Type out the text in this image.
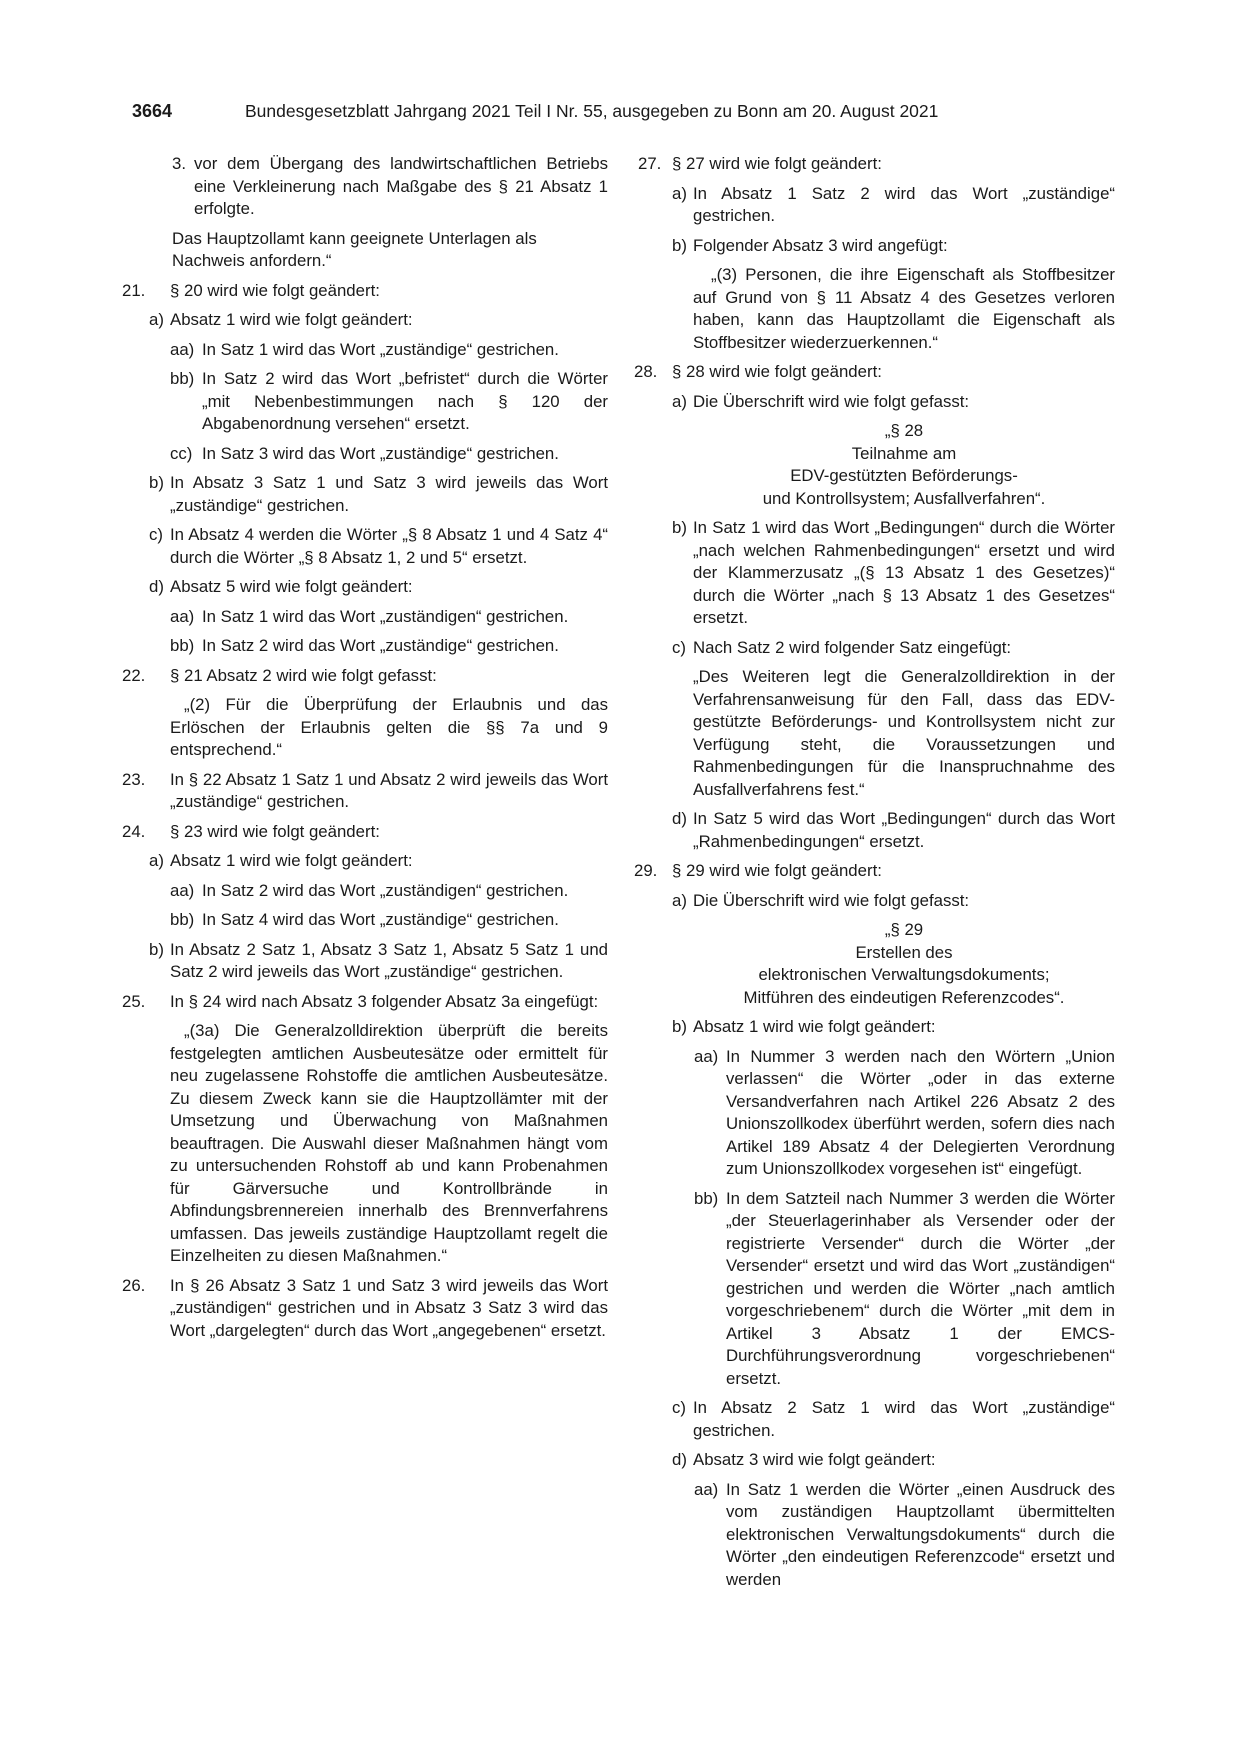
3664	Bundesgesetzblatt Jahrgang 2021 Teil I Nr. 55, ausgegeben zu Bonn am 20. August 2021
3. vor dem Übergang des landwirtschaftlichen Betriebs eine Verkleinerung nach Maßgabe des § 21 Absatz 1 erfolgte.

Das Hauptzollamt kann geeignete Unterlagen als Nachweis anfordern.“

21. § 20 wird wie folgt geändert:
a) Absatz 1 wird wie folgt geändert:
aa) In Satz 1 wird das Wort „zuständige“ gestrichen.
bb) In Satz 2 wird das Wort „befristet“ durch die Wörter „mit Nebenbestimmungen nach § 120 der Abgabenordnung versehen“ ersetzt.
cc) In Satz 3 wird das Wort „zuständige“ gestrichen.
b) In Absatz 3 Satz 1 und Satz 3 wird jeweils das Wort „zuständige“ gestrichen.
c) In Absatz 4 werden die Wörter „§ 8 Absatz 1 und 4 Satz 4“ durch die Wörter „§ 8 Absatz 1, 2 und 5“ ersetzt.
d) Absatz 5 wird wie folgt geändert:
aa) In Satz 1 wird das Wort „zuständigen“ gestrichen.
bb) In Satz 2 wird das Wort „zuständige“ gestrichen.
22. § 21 Absatz 2 wird wie folgt gefasst:

„(2) Für die Überprüfung der Erlaubnis und das Erlöschen der Erlaubnis gelten die §§ 7a und 9 entsprechend.“

23. In § 22 Absatz 1 Satz 1 und Absatz 2 wird jeweils das Wort „zuständige“ gestrichen.
24. § 23 wird wie folgt geändert:
a) Absatz 1 wird wie folgt geändert:
aa) In Satz 2 wird das Wort „zuständigen“ gestrichen.
bb) In Satz 4 wird das Wort „zuständige“ gestrichen.
b) In Absatz 2 Satz 1, Absatz 3 Satz 1, Absatz 5 Satz 1 und Satz 2 wird jeweils das Wort „zuständige“ gestrichen.
25. In § 24 wird nach Absatz 3 folgender Absatz 3a eingefügt:

„(3a) Die Generalzolldirektion überprüft die bereits festgelegten amtlichen Ausbeutesätze oder ermittelt für neu zugelassene Rohstoffe die amtlichen Ausbeutesätze. Zu diesem Zweck kann sie die Hauptzollämter mit der Umsetzung und Überwachung von Maßnahmen beauftragen. Die Auswahl dieser Maßnahmen hängt vom zu untersuchenden Rohstoff ab und kann Probenahmen für Gärversuche und Kontrollbrände in Abfindungsbrennereien innerhalb des Brennverfahrens umfassen. Das jeweils zuständige Hauptzollamt regelt die Einzelheiten zu diesen Maßnahmen.“

26. In § 26 Absatz 3 Satz 1 und Satz 3 wird jeweils das Wort „zuständigen“ gestrichen und in Absatz 3 Satz 3 wird das Wort „dargelegten“ durch das Wort „angegebenen“ ersetzt.
27. § 27 wird wie folgt geändert:
a) In Absatz 1 Satz 2 wird das Wort „zuständige“ gestrichen.
b) Folgender Absatz 3 wird angefügt:

„(3) Personen, die ihre Eigenschaft als Stoffbesitzer auf Grund von § 11 Absatz 4 des Gesetzes verloren haben, kann das Hauptzollamt die Eigenschaft als Stoffbesitzer wiederzuerkennen.“

28. § 28 wird wie folgt geändert:
a) Die Überschrift wird wie folgt gefasst:
„§ 28
Teilnahme am
EDV-gestützten Beförderungs-
und Kontrollsystem; Ausfallverfahren“.
b) In Satz 1 wird das Wort „Bedingungen“ durch die Wörter „nach welchen Rahmenbedingungen“ ersetzt und wird der Klammerzusatz „(§ 13 Absatz 1 des Gesetzes)“ durch die Wörter „nach § 13 Absatz 1 des Gesetzes“ ersetzt.
c) Nach Satz 2 wird folgender Satz eingefügt:

„Des Weiteren legt die Generalzolldirektion in der Verfahrensanweisung für den Fall, dass das EDV-gestützte Beförderungs- und Kontrollsystem nicht zur Verfügung steht, die Voraussetzungen und Rahmenbedingungen für die Inanspruchnahme des Ausfallverfahrens fest.“

d) In Satz 5 wird das Wort „Bedingungen“ durch das Wort „Rahmenbedingungen“ ersetzt.
29. § 29 wird wie folgt geändert:
a) Die Überschrift wird wie folgt gefasst:
„§ 29
Erstellen des
elektronischen Verwaltungsdokuments;
Mitführen des eindeutigen Referenzcodes“.
b) Absatz 1 wird wie folgt geändert:
aa) In Nummer 3 werden nach den Wörtern „Union verlassen“ die Wörter „oder in das externe Versandverfahren nach Artikel 226 Absatz 2 des Unionszollkodex überführt werden, sofern dies nach Artikel 189 Absatz 4 der Delegierten Verordnung zum Unionszollkodex vorgesehen ist“ eingefügt.
bb) In dem Satzteil nach Nummer 3 werden die Wörter „der Steuerlagerinhaber als Versender oder der registrierte Versender“ durch die Wörter „der Versender“ ersetzt und wird das Wort „zuständigen“ gestrichen und werden die Wörter „nach amtlich vorgeschriebenem“ durch die Wörter „mit dem in Artikel 3 Absatz 1 der EMCS-Durchführungsverordnung vorgeschriebenen“ ersetzt.
c) In Absatz 2 Satz 1 wird das Wort „zuständige“ gestrichen.
d) Absatz 3 wird wie folgt geändert:
aa) In Satz 1 werden die Wörter „einen Ausdruck des vom zuständigen Hauptzollamt übermittelten elektronischen Verwaltungsdokuments“ durch die Wörter „den eindeutigen Referenzcode“ ersetzt und werden
